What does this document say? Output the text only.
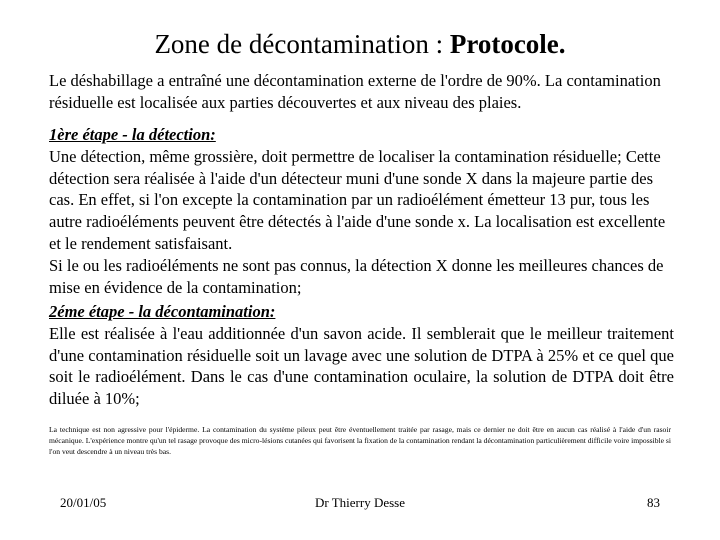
Zone de décontamination : Protocole.
Le déshabillage a entraîné une décontamination externe de l'ordre de 90%. La contamination résiduelle est localisée aux parties découvertes et aux niveau des plaies.
1ère étape - la détection:
Une détection, même grossière, doit permettre de localiser la contamination résiduelle; Cette détection sera réalisée à l'aide d'un détecteur muni d'une sonde X dans la majeure partie des cas. En effet, si l'on excepte la contamination par un radioélément émetteur 13 pur, tous les autre radioéléments peuvent être détectés à l'aide d'une sonde x. La localisation est excellente et le rendement satisfaisant.
Si le ou les radioéléments ne sont pas connus, la détection X donne les meilleures chances de mise en évidence de la contamination;
2éme étape - la décontamination:
Elle est réalisée à l'eau additionnée d'un savon acide. Il semblerait que le meilleur traitement d'une contamination résiduelle soit un lavage avec une solution de DTPA à 25% et ce quel que soit le radioélément. Dans le cas d'une contamination oculaire, la solution de DTPA doit être diluée à 10%;
La technique est non agressive pour l'épiderme. La contamination du système pileux peut être éventuellement traitée par rasage, mais ce dernier ne doit être en aucun cas réalisé à l'aide d'un rasoir mécanique. L'expérience montre qu'un tel rasage provoque des micro-lésions cutanées qui favorisent la fixation de la contamination rendant la décontamination particulièrement difficile voire impossible si l'on veut descendre à un niveau très bas.
20/01/05	Dr Thierry Desse	83
